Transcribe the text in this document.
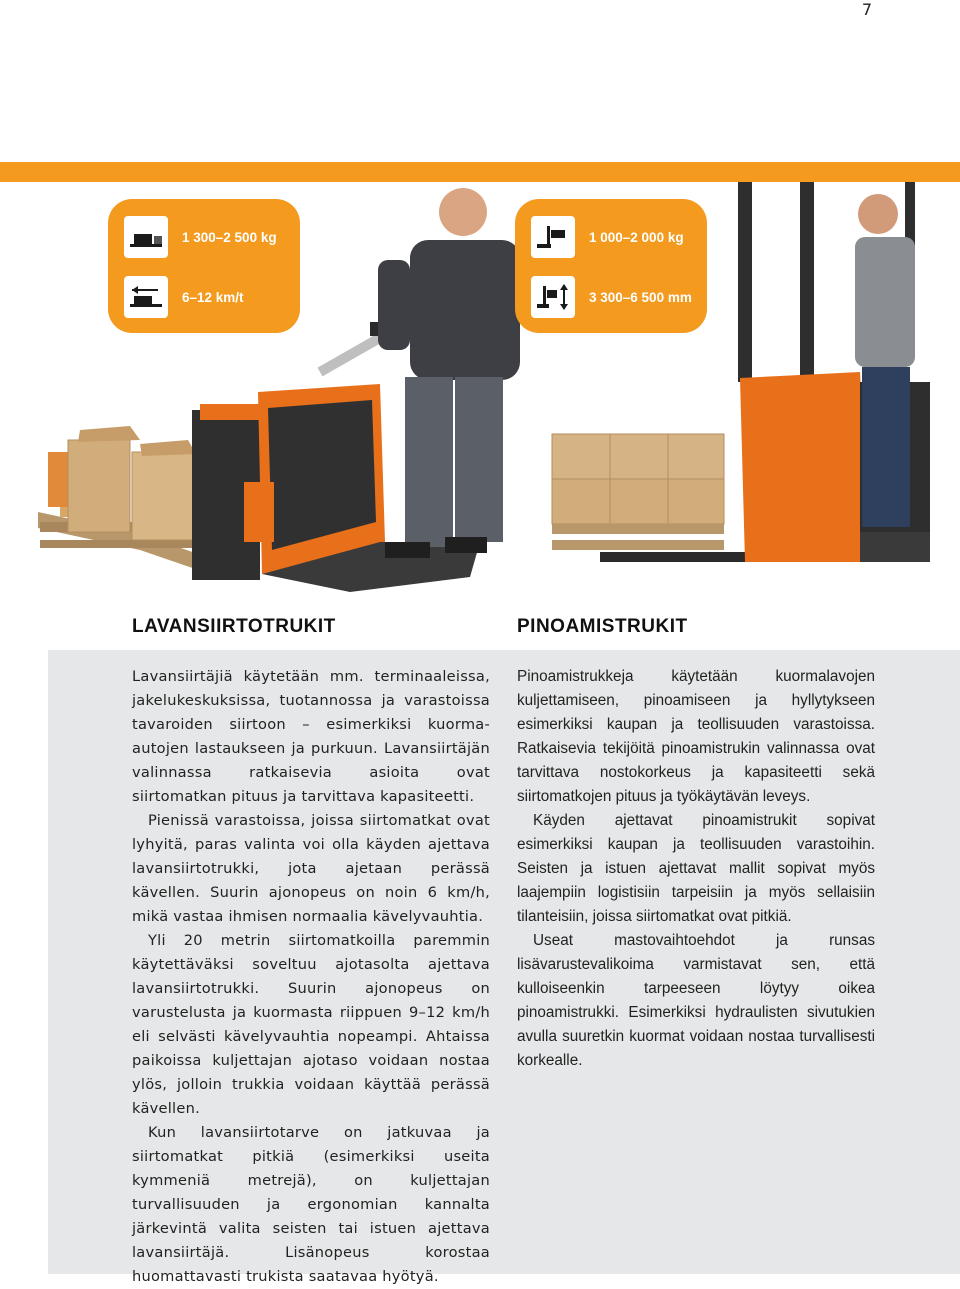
7
1 300–2 500 kg
6–12 km/t
1 000–2 000 kg
3 300–6 500 mm
LAVANSIIRTOTRUKIT	PINOAMISTRUKIT

Lavansiirtäjiä käytetään mm. terminaaleissa, jakelukeskuksissa, tuotannossa ja varastoissa tavaroiden siirtoon – esimerkiksi kuorma-autojen lastaukseen ja purkuun. Lavansiirtäjän valinnassa ratkaisevia asioita ovat siirtomatkan pituus ja tarvittava kapasiteetti.

Pienissä varastoissa, joissa siirtomatkat ovat lyhyitä, paras valinta voi olla käyden ajettava lavansiirtotrukki, jota ajetaan perässä kävellen. Suurin ajonopeus on noin 6 km/h, mikä vastaa ihmisen normaalia kävelyvauhtia.

Yli 20 metrin siirtomatkoilla paremmin käytettäväksi soveltuu ajotasolta ajettava lavansiirtotrukki. Suurin ajonopeus on varustelusta ja kuormasta riippuen 9–12 km/h eli selvästi kävelyvauhtia nopeampi. Ahtaissa paikoissa kuljettajan ajotaso voidaan nostaa ylös, jolloin trukkia voidaan käyttää perässä kävellen.

Kun lavansiirtotarve on jatkuvaa ja siirtomatkat pitkiä (esimerkiksi useita kymmeniä metrejä), on kuljettajan turvallisuuden ja ergonomian kannalta järkevintä valita seisten tai istuen ajettava lavansiirtäjä. Lisänopeus korostaa huomattavasti trukista saatavaa hyötyä.

Pinoamistrukkeja käytetään kuormalavojen kuljettamiseen, pinoamiseen ja hyllytykseen esimerkiksi kaupan ja teollisuuden varastoissa. Ratkaisevia tekijöitä pinoamistrukin valinnassa ovat tarvittava nostokorkeus ja kapasiteetti sekä siirtomatkojen pituus ja työkäytävän leveys.

Käyden ajettavat pinoamistrukit sopivat esimerkiksi kaupan ja teollisuuden varastoihin. Seisten ja istuen ajettavat mallit sopivat myös laajempiin logistisiin tarpeisiin ja myös sellaisiin tilanteisiin, joissa siirtomatkat ovat pitkiä.

Useat mastovaihtoehdot ja runsas lisävarustevalikoima varmistavat sen, että kulloiseenkin tarpeeseen löytyy oikea pinoamistrukki. Esimerkiksi hydraulisten sivutukien avulla suuretkin kuormat voidaan nostaa turvallisesti korkealle.
